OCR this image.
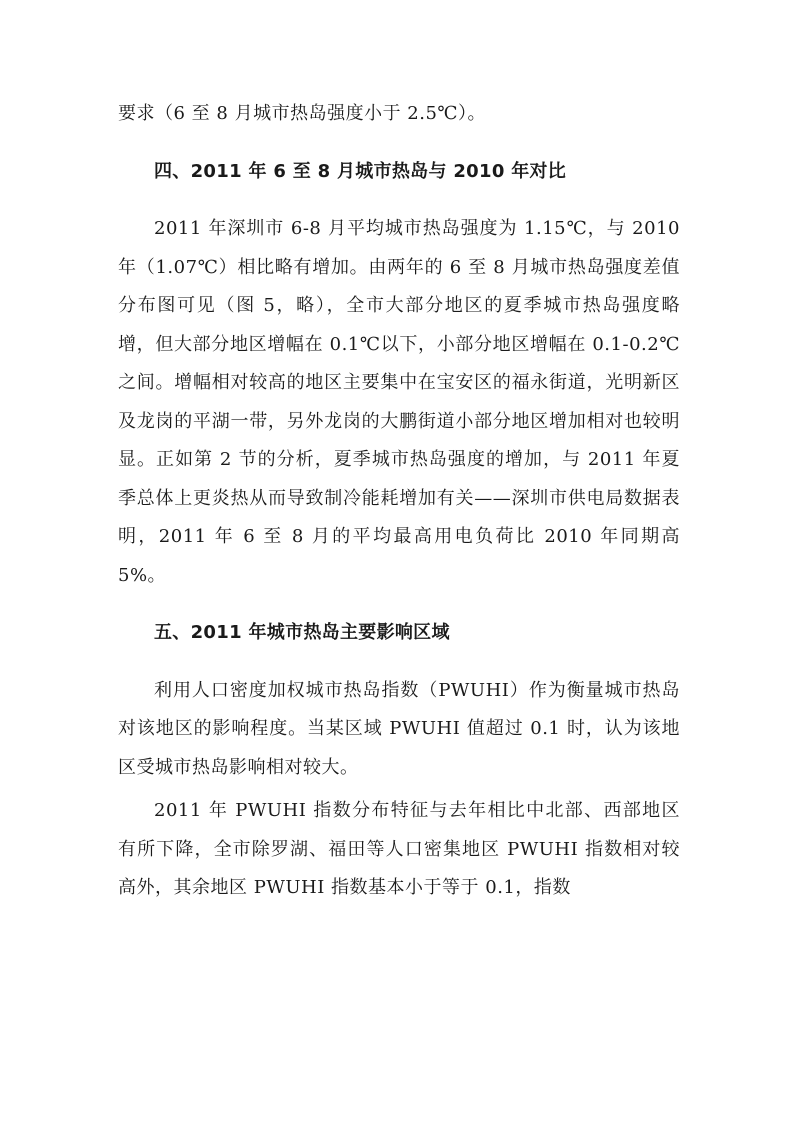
要求（6 至 8 月城市热岛强度小于 2.5℃）。

四、2011 年 6 至 8 月城市热岛与 2010 年对比

2011 年深圳市 6-8 月平均城市热岛强度为 1.15℃，与 2010 年（1.07℃）相比略有增加。由两年的 6 至 8 月城市热岛强度差值分布图可见（图 5，略），全市大部分地区的夏季城市热岛强度略增，但大部分地区增幅在 0.1℃以下，小部分地区增幅在 0.1-0.2℃之间。增幅相对较高的地区主要集中在宝安区的福永街道，光明新区及龙岗的平湖一带，另外龙岗的大鹏街道小部分地区增加相对也较明显。正如第 2 节的分析，夏季城市热岛强度的增加，与 2011 年夏季总体上更炎热从而导致制冷能耗增加有关——深圳市供电局数据表明，2011 年 6 至 8 月的平均最高用电负荷比 2010 年同期高 5%。

五、2011 年城市热岛主要影响区域

利用人口密度加权城市热岛指数（PWUHI）作为衡量城市热岛对该地区的影响程度。当某区域 PWUHI 值超过 0.1 时，认为该地区受城市热岛影响相对较大。

2011 年 PWUHI 指数分布特征与去年相比中北部、西部地区有所下降，全市除罗湖、福田等人口密集地区 PWUHI 指数相对较高外，其余地区 PWUHI 指数基本小于等于 0.1，指数
